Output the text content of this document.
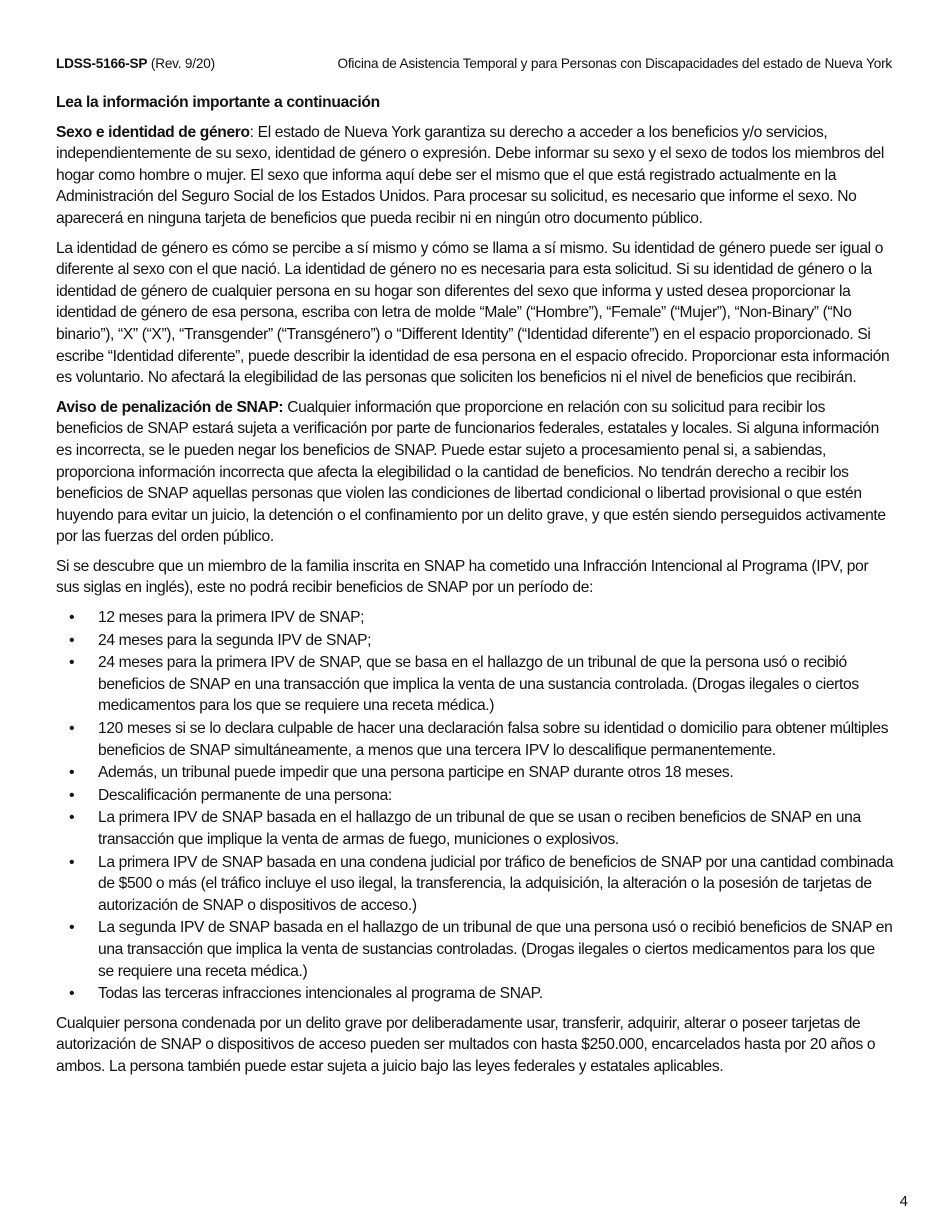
LDSS-5166-SP (Rev. 9/20)	Oficina de Asistencia Temporal y para Personas con Discapacidades del estado de Nueva York
Lea la información importante a continuación

Sexo e identidad de género: El estado de Nueva York garantiza su derecho a acceder a los beneficios y/o servicios, independientemente de su sexo, identidad de género o expresión. Debe informar su sexo y el sexo de todos los miembros del hogar como hombre o mujer. El sexo que informa aquí debe ser el mismo que el que está registrado actualmente en la Administración del Seguro Social de los Estados Unidos. Para procesar su solicitud, es necesario que informe el sexo. No aparecerá en ninguna tarjeta de beneficios que pueda recibir ni en ningún otro documento público.

La identidad de género es cómo se percibe a sí mismo y cómo se llama a sí mismo. Su identidad de género puede ser igual o diferente al sexo con el que nació. La identidad de género no es necesaria para esta solicitud. Si su identidad de género o la identidad de género de cualquier persona en su hogar son diferentes del sexo que informa y usted desea proporcionar la identidad de género de esa persona, escriba con letra de molde “Male” (“Hombre”), “Female” (“Mujer”), “Non-Binary” (“No binario”), “X” (“X”), “Transgender” (“Transgénero”) o “Different Identity” (“Identidad diferente”) en el espacio proporcionado. Si escribe “Identidad diferente”, puede describir la identidad de esa persona en el espacio ofrecido. Proporcionar esta información es voluntario. No afectará la elegibilidad de las personas que soliciten los beneficios ni el nivel de beneficios que recibirán.

Aviso de penalización de SNAP: Cualquier información que proporcione en relación con su solicitud para recibir los beneficios de SNAP estará sujeta a verificación por parte de funcionarios federales, estatales y locales. Si alguna información es incorrecta, se le pueden negar los beneficios de SNAP. Puede estar sujeto a procesamiento penal si, a sabiendas, proporciona información incorrecta que afecta la elegibilidad o la cantidad de beneficios. No tendrán derecho a recibir los beneficios de SNAP aquellas personas que violen las condiciones de libertad condicional o libertad provisional o que estén huyendo para evitar un juicio, la detención o el confinamiento por un delito grave, y que estén siendo perseguidos activamente por las fuerzas del orden público.

Si se descubre que un miembro de la familia inscrita en SNAP ha cometido una Infracción Intencional al Programa (IPV, por sus siglas en inglés), este no podrá recibir beneficios de SNAP por un período de:

• 12 meses para la primera IPV de SNAP;
• 24 meses para la segunda IPV de SNAP;
• 24 meses para la primera IPV de SNAP, que se basa en el hallazgo de un tribunal de que la persona usó o recibió beneficios de SNAP en una transacción que implica la venta de una sustancia controlada. (Drogas ilegales o ciertos medicamentos para los que se requiere una receta médica.)
• 120 meses si se lo declara culpable de hacer una declaración falsa sobre su identidad o domicilio para obtener múltiples beneficios de SNAP simultáneamente, a menos que una tercera IPV lo descalifique permanentemente.
• Además, un tribunal puede impedir que una persona participe en SNAP durante otros 18 meses.
• Descalificación permanente de una persona:
• La primera IPV de SNAP basada en el hallazgo de un tribunal de que se usan o reciben beneficios de SNAP en una transacción que implique la venta de armas de fuego, municiones o explosivos.
• La primera IPV de SNAP basada en una condena judicial por tráfico de beneficios de SNAP por una cantidad combinada de $500 o más (el tráfico incluye el uso ilegal, la transferencia, la adquisición, la alteración o la posesión de tarjetas de autorización de SNAP o dispositivos de acceso.)
• La segunda IPV de SNAP basada en el hallazgo de un tribunal de que una persona usó o recibió beneficios de SNAP en una transacción que implica la venta de sustancias controladas. (Drogas ilegales o ciertos medicamentos para los que se requiere una receta médica.)
• Todas las terceras infracciones intencionales al programa de SNAP.

Cualquier persona condenada por un delito grave por deliberadamente usar, transferir, adquirir, alterar o poseer tarjetas de autorización de SNAP o dispositivos de acceso pueden ser multados con hasta $250.000, encarcelados hasta por 20 años o ambos. La persona también puede estar sujeta a juicio bajo las leyes federales y estatales aplicables.

4
